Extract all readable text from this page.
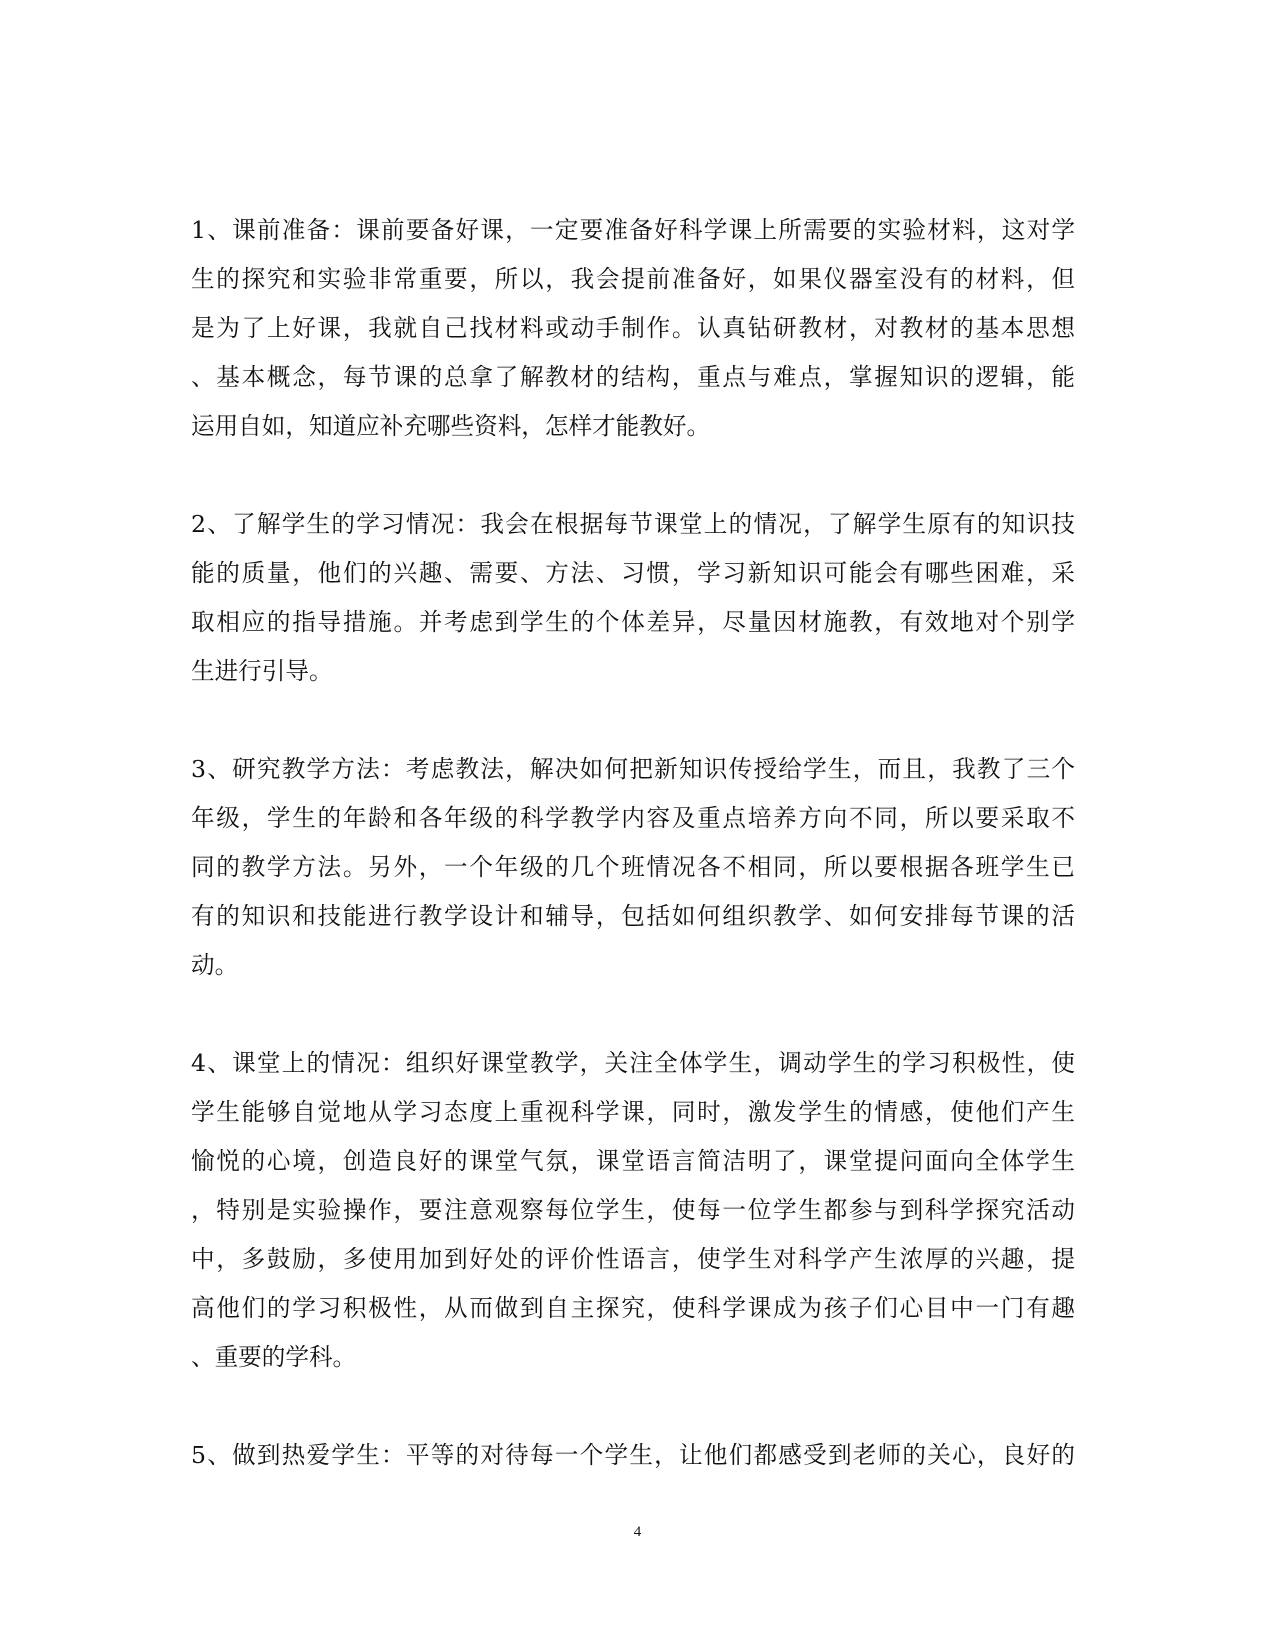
1、课前准备：课前要备好课，一定要准备好科学课上所需要的实验材料，这对学
生的探究和实验非常重要，所以，我会提前准备好，如果仪器室没有的材料，但
是为了上好课，我就自己找材料或动手制作。认真钻研教材，对教材的基本思想
、基本概念，每节课的总拿了解教材的结构，重点与难点，掌握知识的逻辑，能
运用自如，知道应补充哪些资料，怎样才能教好。
2、了解学生的学习情况：我会在根据每节课堂上的情况，了解学生原有的知识技
能的质量，他们的兴趣、需要、方法、习惯，学习新知识可能会有哪些困难，采
取相应的指导措施。并考虑到学生的个体差异，尽量因材施教，有效地对个别学
生进行引导。
3、研究教学方法：考虑教法，解决如何把新知识传授给学生，而且，我教了三个
年级，学生的年龄和各年级的科学教学内容及重点培养方向不同，所以要采取不
同的教学方法。另外，一个年级的几个班情况各不相同，所以要根据各班学生已
有的知识和技能进行教学设计和辅导，包括如何组织教学、如何安排每节课的活
动。
4、课堂上的情况：组织好课堂教学，关注全体学生，调动学生的学习积极性，使
学生能够自觉地从学习态度上重视科学课，同时，激发学生的情感，使他们产生
愉悦的心境，创造良好的课堂气氛，课堂语言简洁明了，课堂提问面向全体学生
，特别是实验操作，要注意观察每位学生，使每一位学生都参与到科学探究活动
中，多鼓励，多使用加到好处的评价性语言，使学生对科学产生浓厚的兴趣，提
高他们的学习积极性，从而做到自主探究，使科学课成为孩子们心目中一门有趣
、重要的学科。
5、做到热爱学生：平等的对待每一个学生，让他们都感受到老师的关心，良好的
4
